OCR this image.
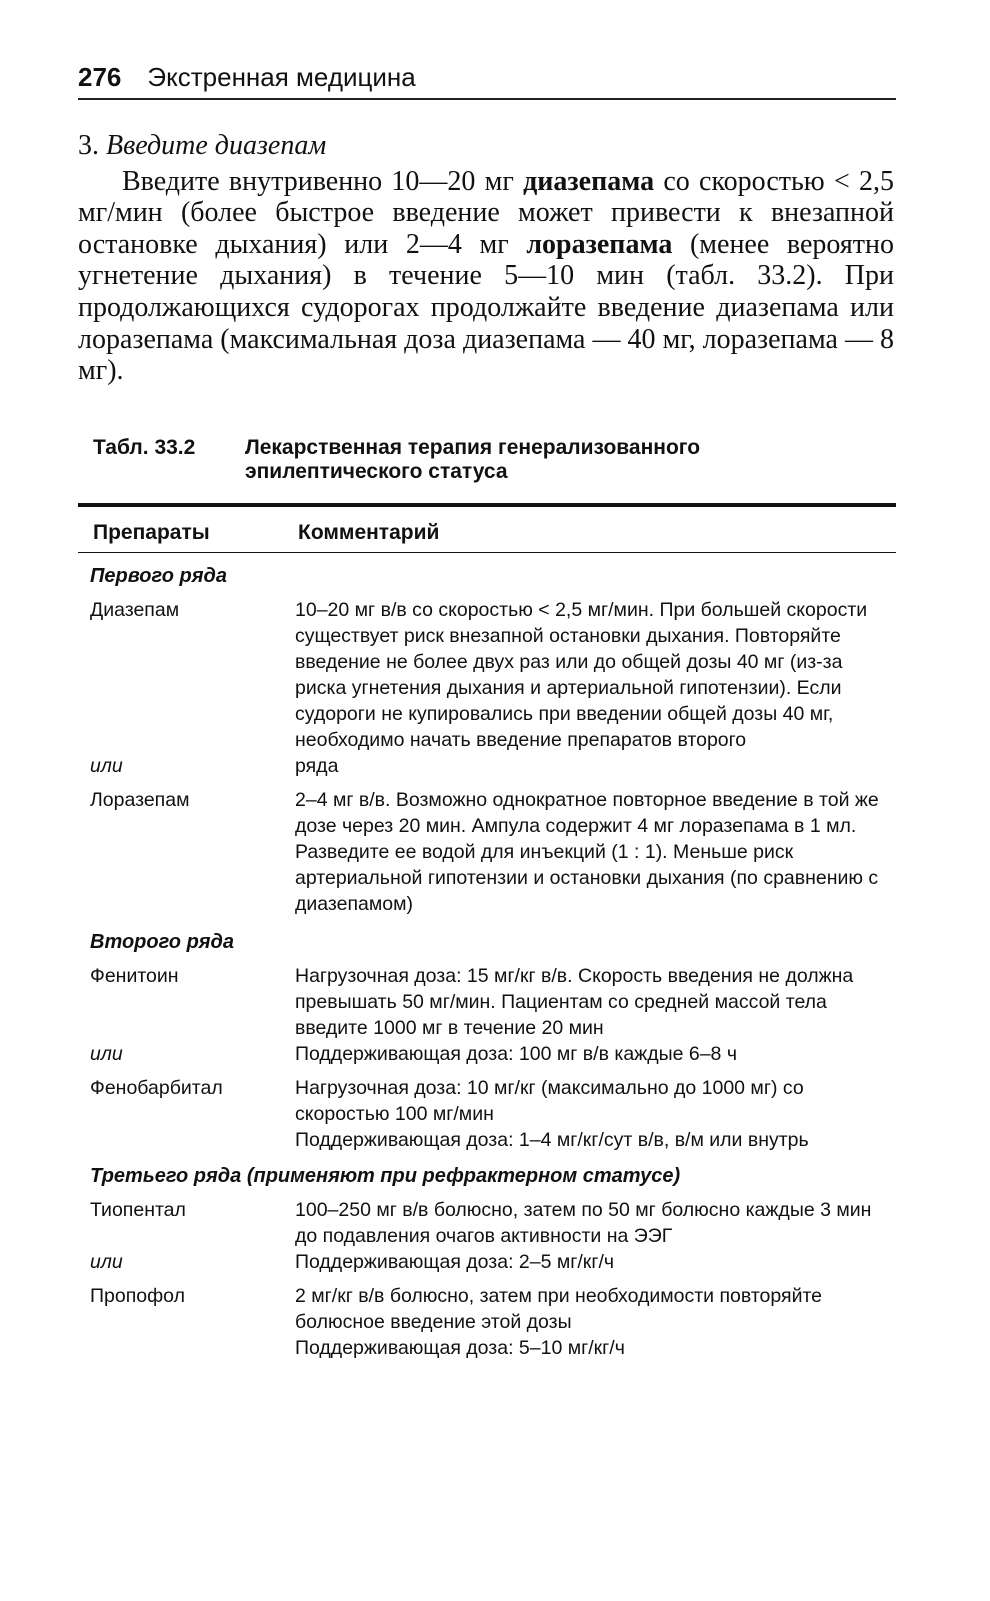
276 Экстренная медицина
3. Введите диазепам

Введите внутривенно 10—20 мг диазепама со скоростью < 2,5 мг/мин (более быстрое введение может привести к внезапной остановке дыхания) или 2—4 мг лоразепама (менее вероятно угнетение дыхания) в течение 5—10 мин (табл. 33.2). При продолжающихся судорогах продолжайте введение диазепама или лоразепама (максимальная доза диазепама — 40 мг, лоразепама — 8 мг).

Табл. 33.2	Лекарственная терапия генерализованного эпилептического статуса
Препараты	Комментарий
Первого ряда
Диазепам	10–20 мг в/в со скоростью < 2,5 мг/мин. При большей скорости существует риск внезапной остановки дыхания. Повторяйте введение не более двух раз или до общей дозы 40 мг (из-за риска угнетения дыхания и артериальной гипотензии). Если судороги не купировались при введении общей дозы 40 мг, необходимо начать введение препаратов второго
или	ряда
Лоразепам	2–4 мг в/в. Возможно однократное повторное введение в той же дозе через 20 мин. Ампула содержит 4 мг лоразепама в 1 мл. Разведите ее водой для инъекций (1 : 1). Меньше риск артериальной гипотензии и остановки дыхания (по сравнению с диазепамом)
Второго ряда
Фенитоин	Нагрузочная доза: 15 мг/кг в/в. Скорость введения не должна превышать 50 мг/мин. Пациентам со средней массой тела введите 1000 мг в течение 20 мин
или	Поддерживающая доза: 100 мг в/в каждые 6–8 ч
Фенобарбитал	Нагрузочная доза: 10 мг/кг (максимально до 1000 мг) со скоростью 100 мг/мин
Поддерживающая доза: 1–4 мг/кг/сут в/в, в/м или внутрь
Третьего ряда (применяют при рефрактерном статусе)
Тиопентал	100–250 мг в/в болюсно, затем по 50 мг болюсно каждые 3 мин до подавления очагов активности на ЭЭГ
или	Поддерживающая доза: 2–5 мг/кг/ч
Пропофол	2 мг/кг в/в болюсно, затем при необходимости повторяйте болюсное введение этой дозы
Поддерживающая доза: 5–10 мг/кг/ч
